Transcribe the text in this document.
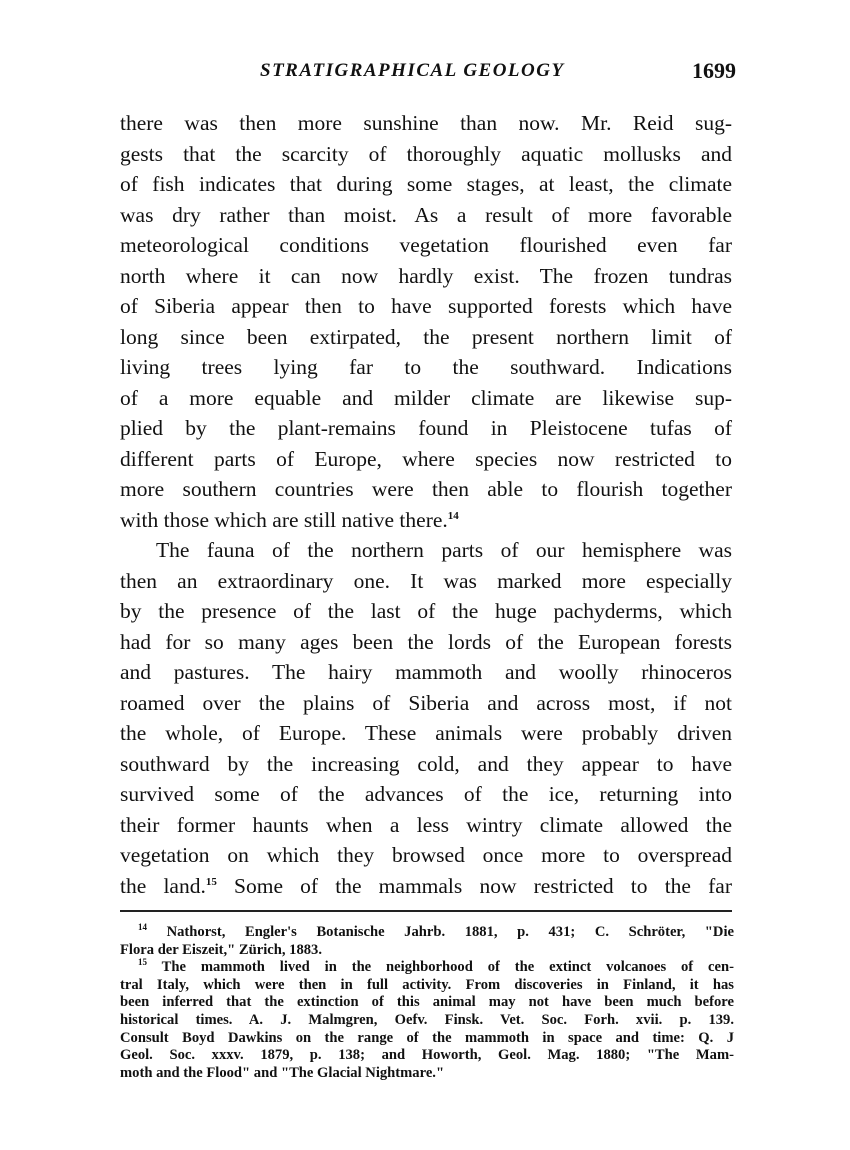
STRATIGRAPHICAL GEOLOGY	1699
there was then more sunshine than now. Mr. Reid sug-
gests that the scarcity of thoroughly aquatic mollusks and
of fish indicates that during some stages, at least, the climate
was dry rather than moist. As a result of more favorable
meteorological conditions vegetation flourished even far
north where it can now hardly exist. The frozen tundras
of Siberia appear then to have supported forests which have
long since been extirpated, the present northern limit of
living trees lying far to the southward. Indications
of a more equable and milder climate are likewise sup-
plied by the plant-remains found in Pleistocene tufas of
different parts of Europe, where species now restricted to
more southern countries were then able to flourish together
with those which are still native there.$^{14}$
The fauna of the northern parts of our hemisphere was
then an extraordinary one. It was marked more especially
by the presence of the last of the huge pachyderms, which
had for so many ages been the lords of the European forests
and pastures. The hairy mammoth and woolly rhinoceros
roamed over the plains of Siberia and across most, if not
the whole, of Europe. These animals were probably driven
southward by the increasing cold, and they appear to have
survived some of the advances of the ice, returning into
their former haunts when a less wintry climate allowed the
vegetation on which they browsed once more to overspread
the land.$^{15}$ Some of the mammals now restricted to the far
$^{14}$ Nathorst, Engler's Botanische Jahrb. 1881, p. 431; C. Schröter, "Die
Flora der Eiszeit," Zürich, 1883.
$^{15}$ The mammoth lived in the neighborhood of the extinct volcanoes of cen-
tral Italy, which were then in full activity. From discoveries in Finland, it has
been inferred that the extinction of this animal may not have been much before
historical times. A. J. Malmgren, Oefv. Finsk. Vet. Soc. Forh. xvii. p. 139.
Consult Boyd Dawkins on the range of the mammoth in space and time: Q. J
Geol. Soc. xxxv. 1879, p. 138; and Howorth, Geol. Mag. 1880; "The Mam-
moth and the Flood" and "The Glacial Nightmare."
